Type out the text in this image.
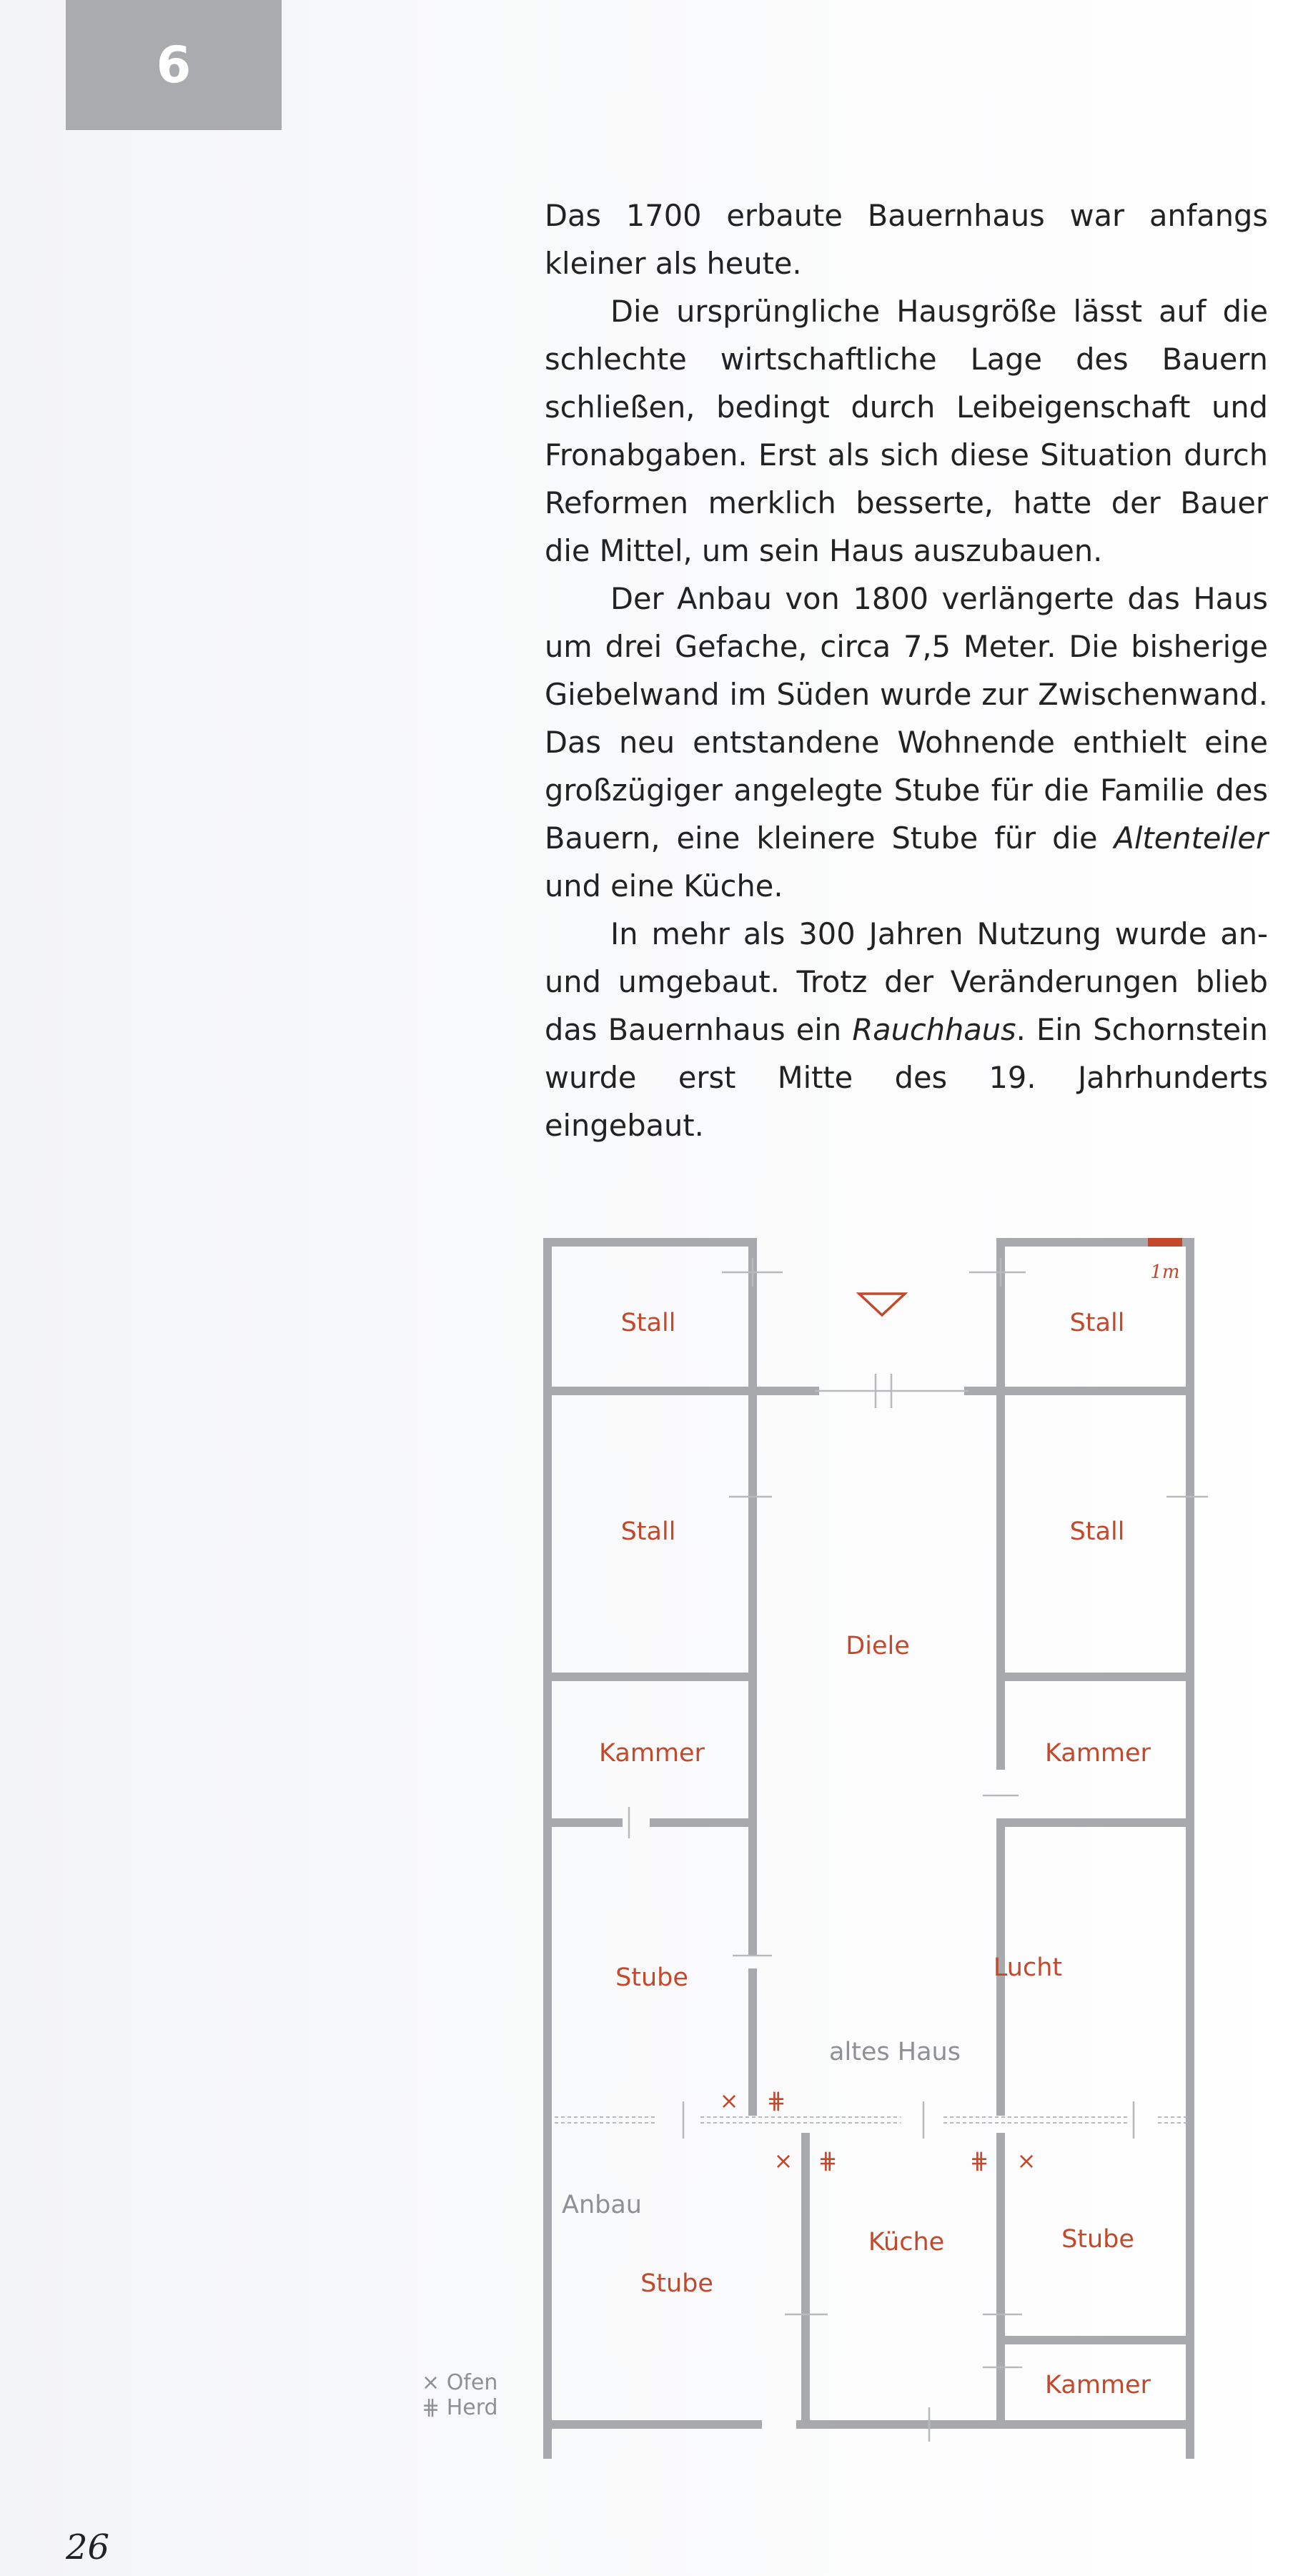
6

Das 1700 erbaute Bauernhaus war anfangs kleiner als heute.

Die ursprüngliche Hausgröße lässt auf die schlechte wirtschaftliche Lage des Bauern schließen, bedingt durch Leibeigenschaft und Fronabgaben. Erst als sich diese Situation durch Reformen merklich besserte, hatte der Bauer die Mittel, um sein Haus auszubauen.

Der Anbau von 1800 verlängerte das Haus um drei Gefache, circa 7,5 Meter. Die bisherige Giebelwand im Süden wurde zur Zwischenwand. Das neu entstandene Wohnende enthielt eine großzügiger angelegte Stube für die Familie des Bauern, eine kleinere Stube für die Altenteiler und eine Küche.

In mehr als 300 Jahren Nutzung wurde an- und umgebaut. Trotz der Veränderungen blieb das Bauernhaus ein Rauchhaus. Ein Schornstein wurde erst Mitte des 19. Jahrhunderts eingebaut.

1m
Stall	Stall
Stall	Stall
Diele
Kammer	Kammer
Stube	Lucht
Küche	Stube
Stube
Kammer
altes Haus
Anbau
× ⋕
× ⋕	⋕ ×
× Ofen
⋕ Herd
26
